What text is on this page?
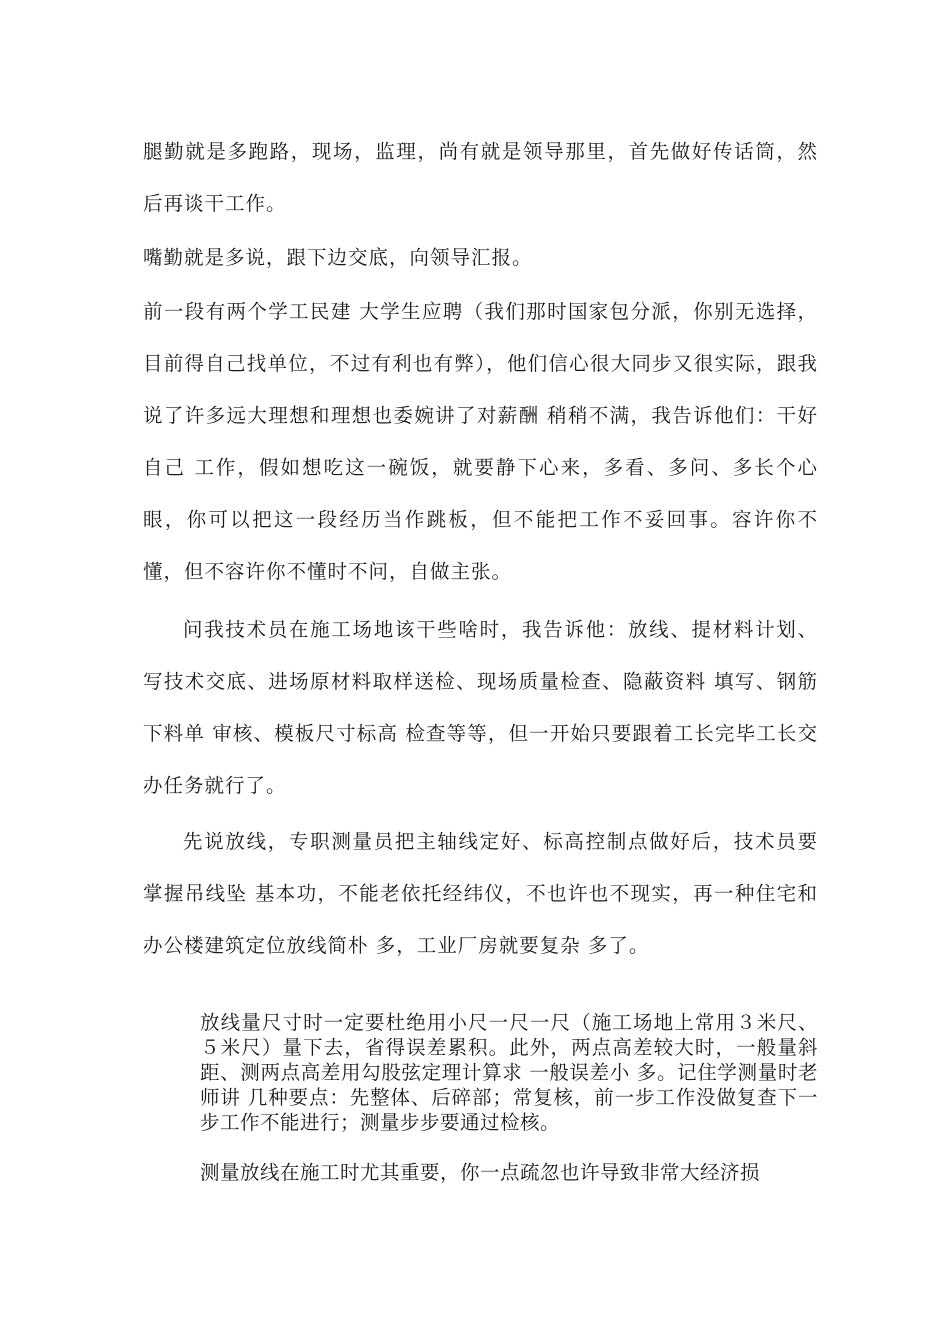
腿勤就是多跑路，现场，监理，尚有就是领导那里，首先做好传话筒，然后再谈干工作。

嘴勤就是多说，跟下边交底，向领导汇报。

前一段有两个学工民建 大学生应聘（我们那时国家包分派，你别无选择，目前得自己找单位，不过有利也有弊），他们信心很大同步又很实际，跟我说了许多远大理想和理想也委婉讲了对薪酬 稍稍不满，我告诉他们：干好自己 工作，假如想吃这一碗饭，就要静下心来，多看、多问、多长个心眼，你可以把这一段经历当作跳板，但不能把工作不妥回事。容许你不懂，但不容许你不懂时不问，自做主张。

问我技术员在施工场地该干些啥时，我告诉他：放线、提材料计划、写技术交底、进场原材料取样送检、现场质量检查、隐蔽资料 填写、钢筋下料单 审核、模板尺寸标高 检查等等，但一开始只要跟着工长完毕工长交办任务就行了。

先说放线，专职测量员把主轴线定好、标高控制点做好后，技术员要掌握吊线坠 基本功，不能老依托经纬仪，不也许也不现实，再一种住宅和办公楼建筑定位放线简朴 多，工业厂房就要复杂 多了。

放线量尺寸时一定要杜绝用小尺一尺一尺（施工场地上常用３米尺、５米尺）量下去，省得误差累积。此外，两点高差较大时，一般量斜距、测两点高差用勾股弦定理计算求 一般误差小 多。记住学测量时老师讲 几种要点：先整体、后碎部；常复核，前一步工作没做复查下一步工作不能进行；测量步步要通过检核。

测量放线在施工时尤其重要，你一点疏忽也许导致非常大经济损
